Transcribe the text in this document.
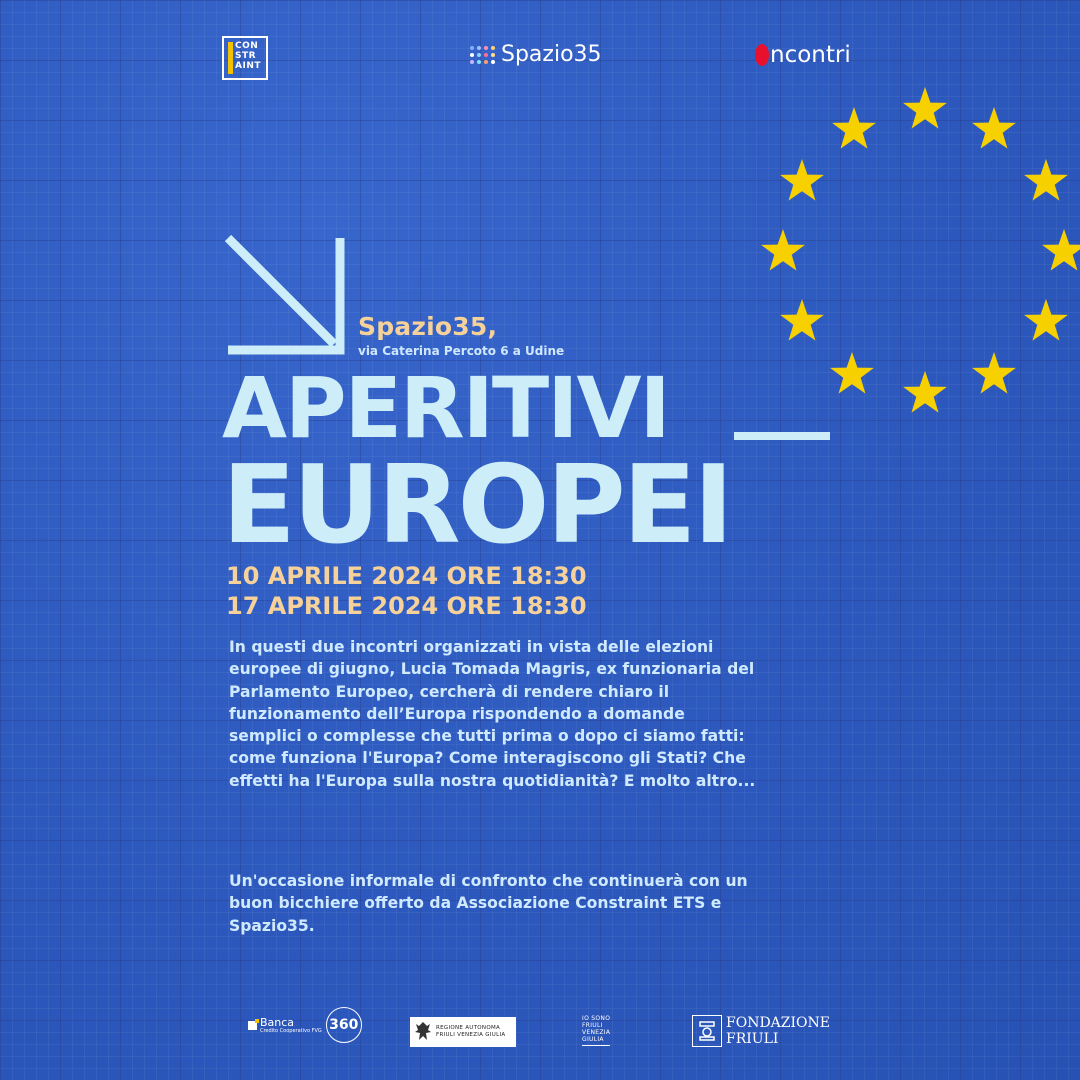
CON
STR
AINT	Spazio35	ncontri
Spazio35,
via Caterina Percoto 6 a Udine
APERITIVI
EUROPEI
10 APRILE 2024 ORE 18:30
17 APRILE 2024 ORE 18:30
In questi due incontri organizzati in vista delle elezioni
europee di giugno, Lucia Tomada Magris, ex funzionaria del
Parlamento Europeo, cercherà di rendere chiaro il
funzionamento dell’Europa rispondendo a domande
semplici o complesse che tutti prima o dopo ci siamo fatti:
come funziona l'Europa? Come interagiscono gli Stati? Che
effetti ha l'Europa sulla nostra quotidianità? E molto altro...
Un'occasione informale di confronto che continuerà con un
buon bicchiere offerto da Associazione Constraint ETS e
Spazio35.
Banca
Credito Cooperativo FVG 360	REGIONE AUTONOMA
FRIULI VENEZIA GIULIA
IO SONO
FRIULI
VENEZIA
GIULIA
FONDAZIONE
FRIULI
